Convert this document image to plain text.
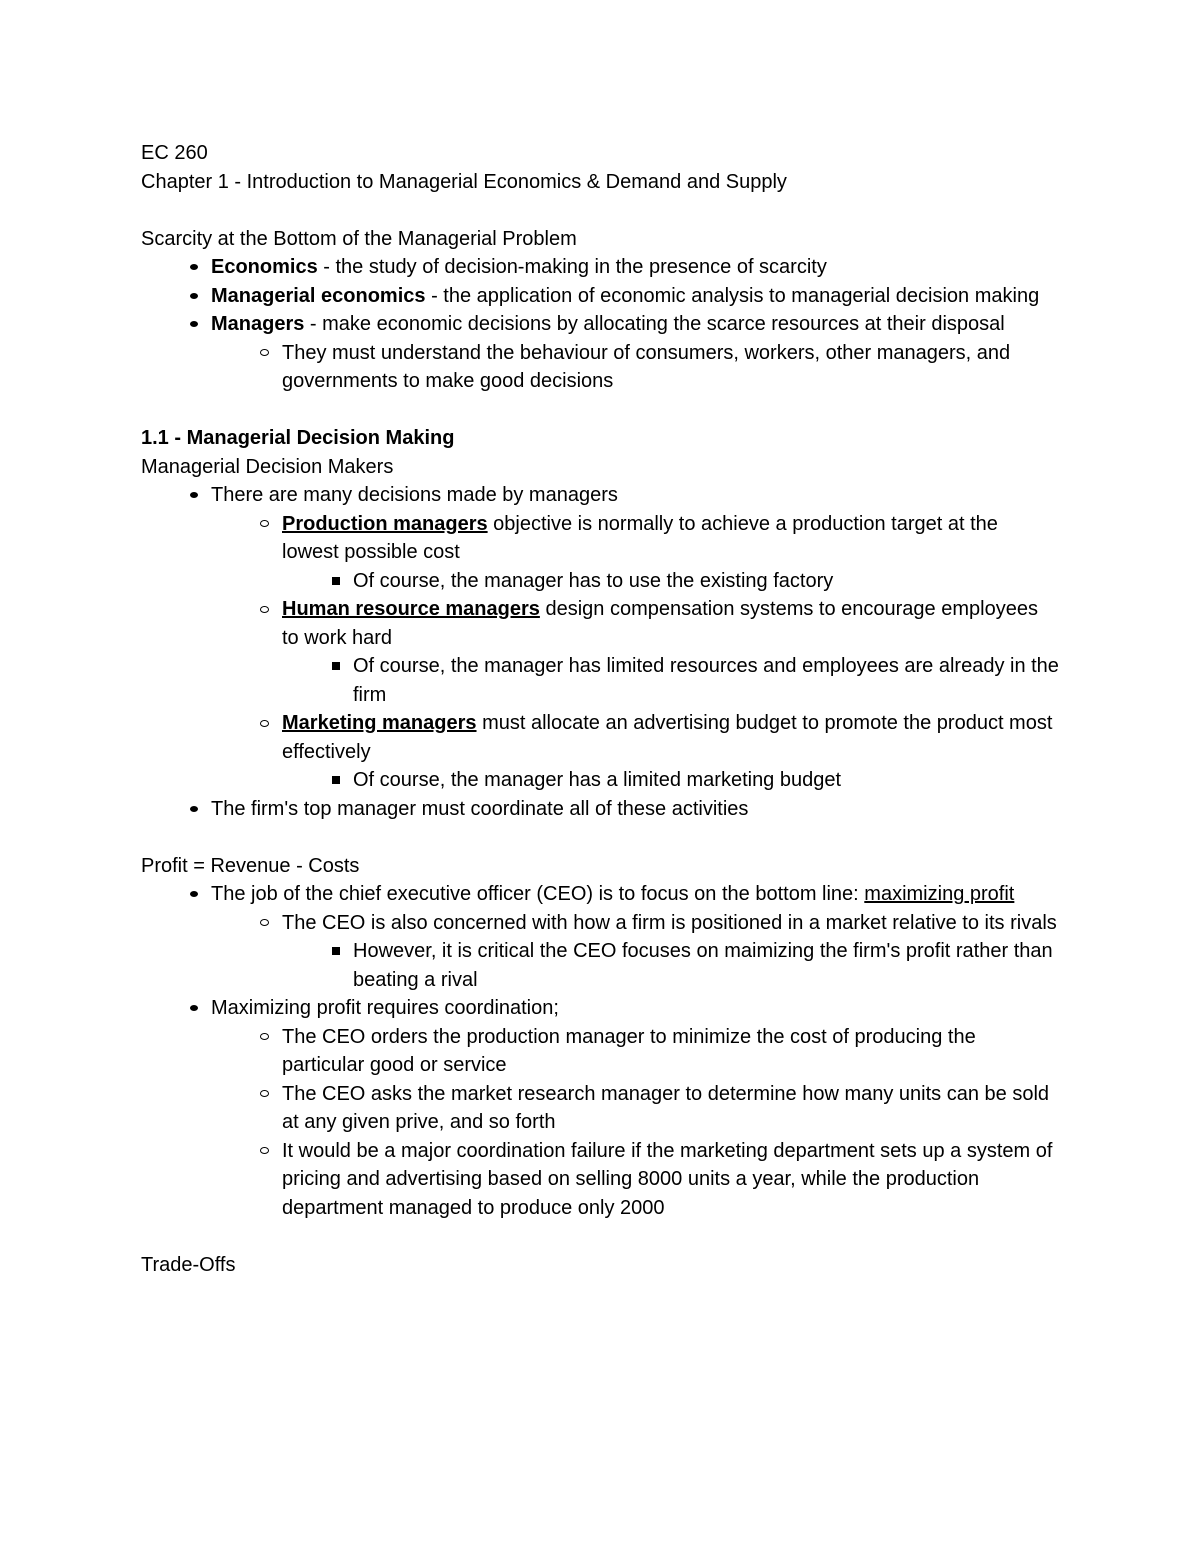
EC 260

Chapter 1 - Introduction to Managerial Economics & Demand and Supply

Scarcity at the Bottom of the Managerial Problem

Economics - the study of decision-making in the presence of scarcity
Managerial economics - the application of economic analysis to managerial decision making
Managers - make economic decisions by allocating the scarce resources at their disposal
They must understand the behaviour of consumers, workers, other managers, and governments to make good decisions

1.1 - Managerial Decision Making

Managerial Decision Makers

There are many decisions made by managers
Production managers objective is normally to achieve a production target at the lowest possible cost
Of course, the manager has to use the existing factory
Human resource managers design compensation systems to encourage employees to work hard
Of course, the manager has limited resources and employees are already in the firm
Marketing managers must allocate an advertising budget to promote the product most effectively
Of course, the manager has a limited marketing budget
The firm's top manager must coordinate all of these activities

Profit = Revenue - Costs

The job of the chief executive officer (CEO) is to focus on the bottom line: maximizing profit
The CEO is also concerned with how a firm is positioned in a market relative to its rivals
However, it is critical the CEO focuses on maimizing the firm's profit rather than beating a rival
Maximizing profit requires coordination;
The CEO orders the production manager to minimize the cost of producing the particular good or service
The CEO asks the market research manager to determine how many units can be sold at any given prive, and so forth
It would be a major coordination failure if the marketing department sets up a system of pricing and advertising based on selling 8000 units a year, while the production department managed to produce only 2000

Trade-Offs
